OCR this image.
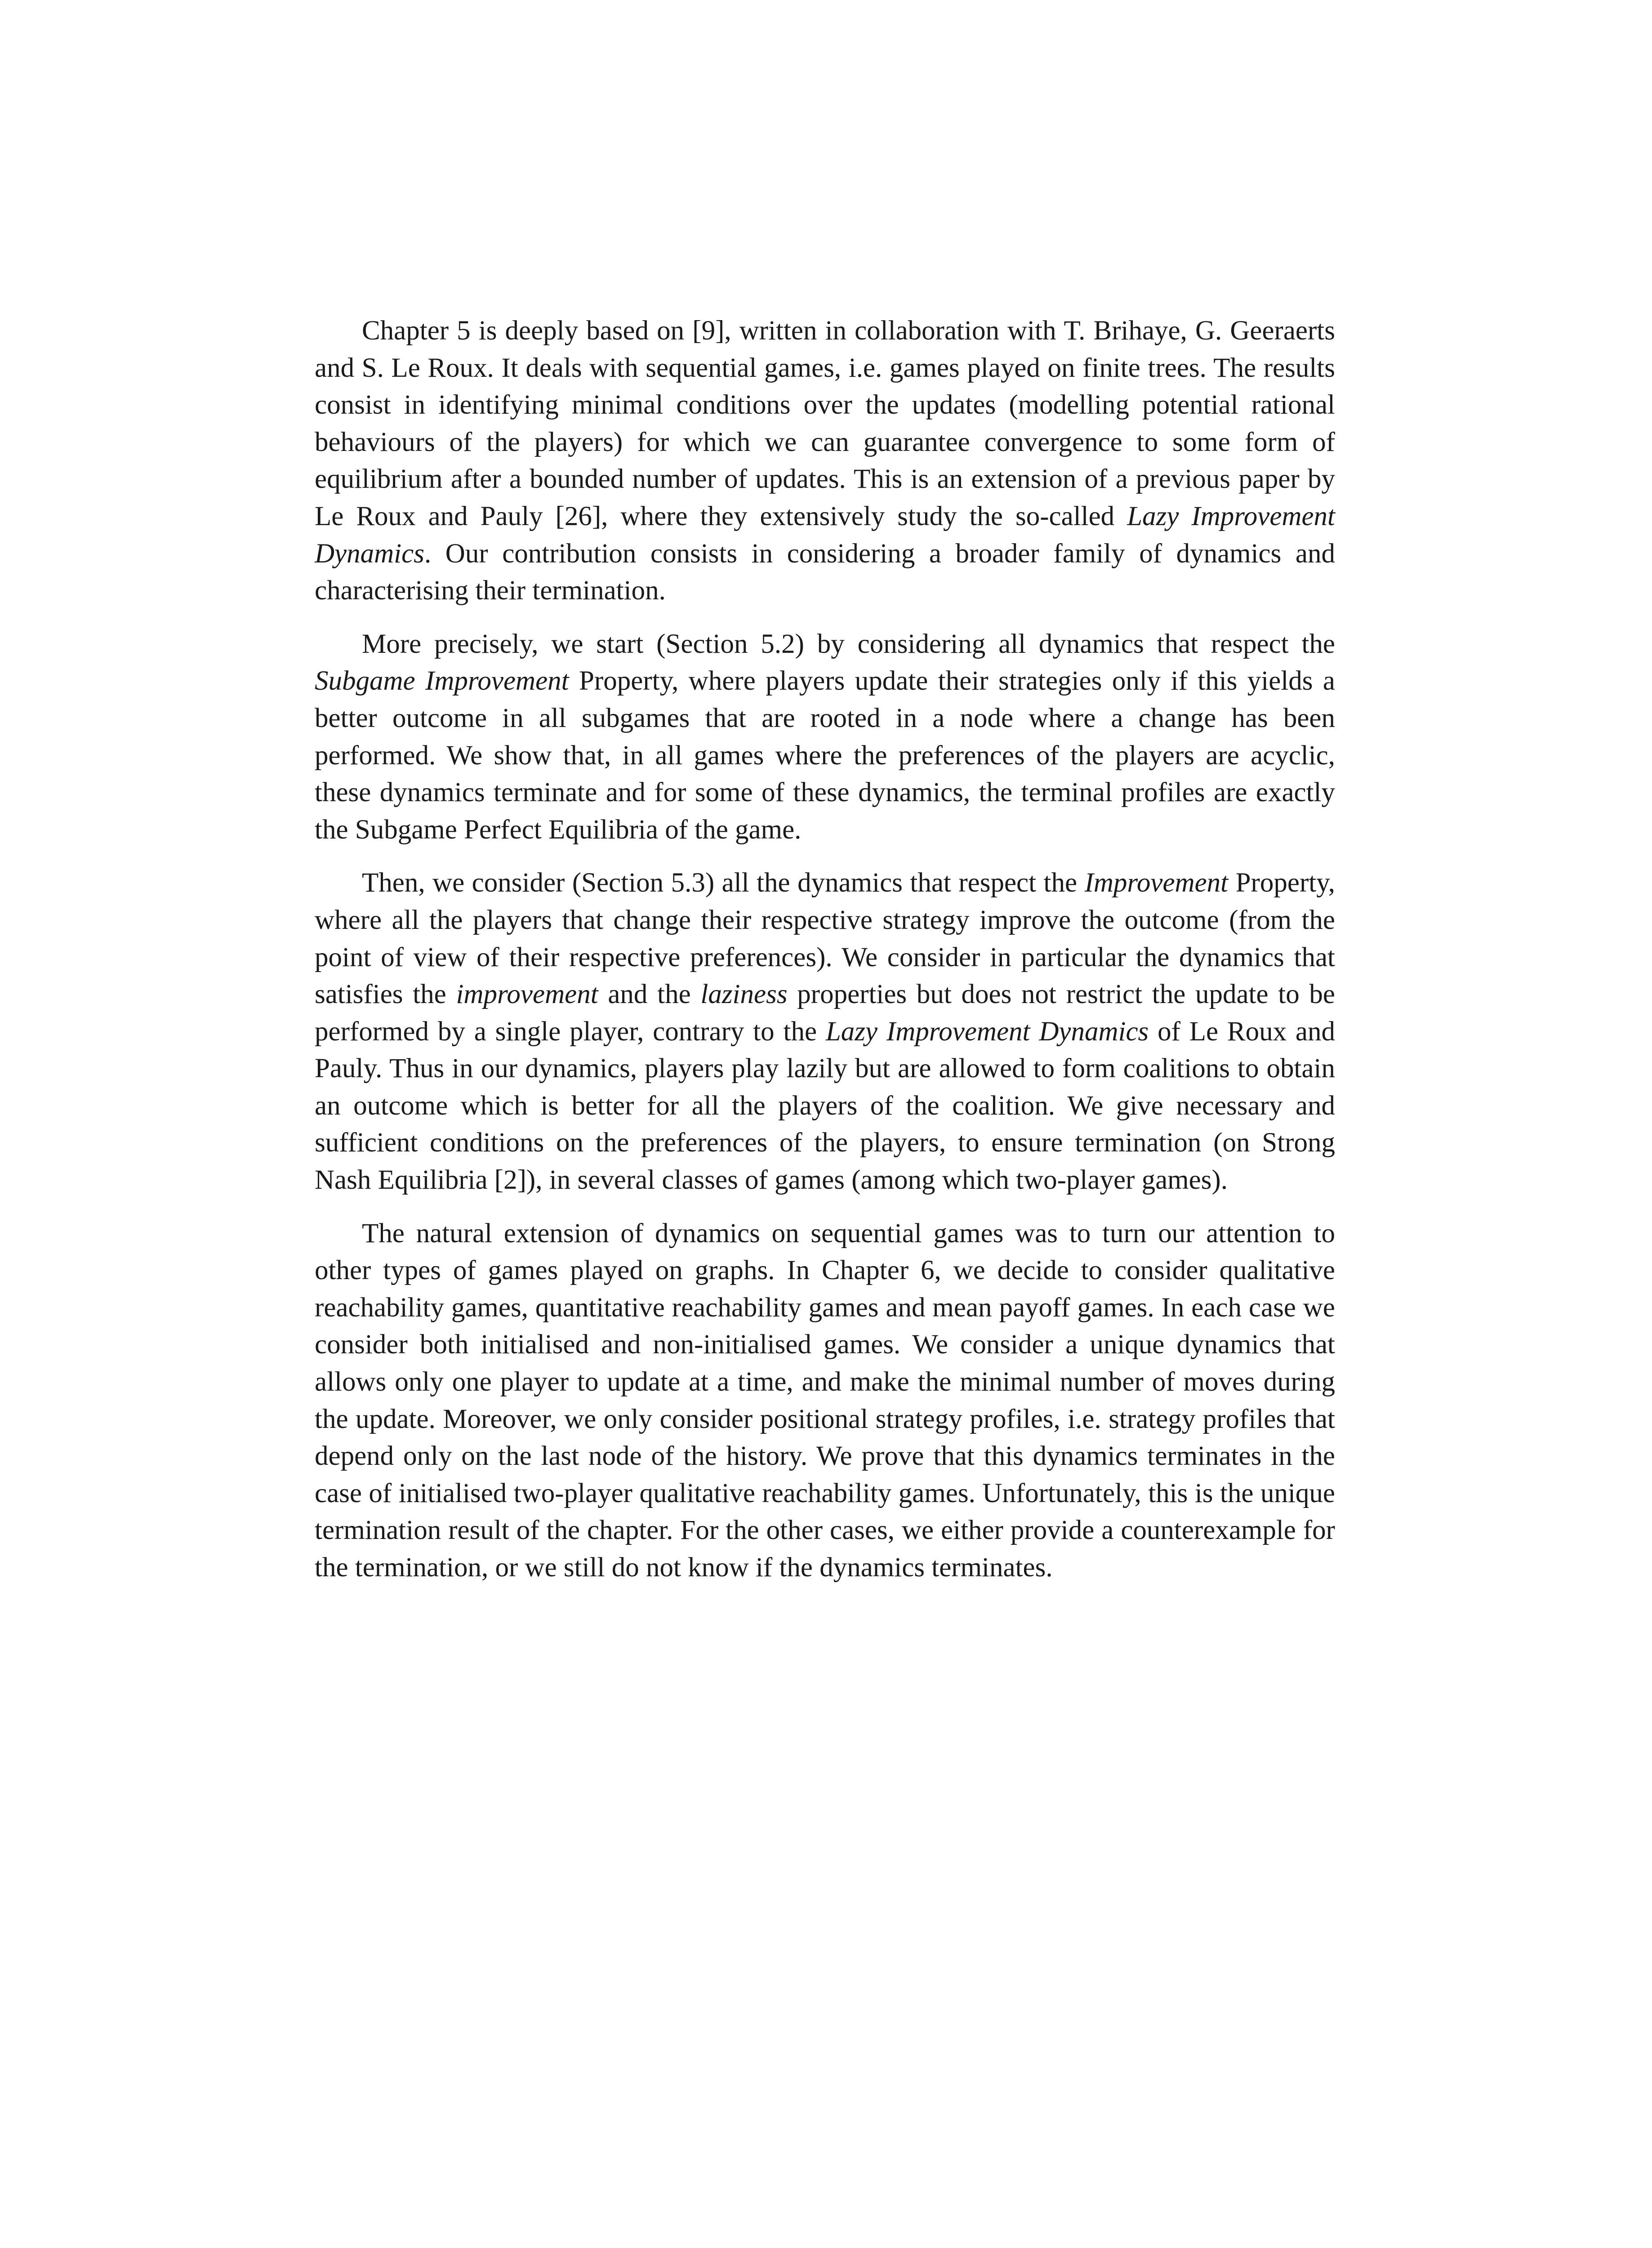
Chapter 5 is deeply based on [9], written in collaboration with T. Brihaye, G. Geeraerts and S. Le Roux. It deals with sequential games, i.e. games played on finite trees. The results consist in identifying minimal conditions over the updates (modelling potential rational behaviours of the players) for which we can guarantee convergence to some form of equilibrium after a bounded number of updates. This is an extension of a previous paper by Le Roux and Pauly [26], where they extensively study the so-called Lazy Improvement Dynamics. Our contribution consists in considering a broader family of dynamics and characterising their termination.

More precisely, we start (Section 5.2) by considering all dynamics that respect the Subgame Improvement Property, where players update their strategies only if this yields a better outcome in all subgames that are rooted in a node where a change has been performed. We show that, in all games where the preferences of the players are acyclic, these dynamics terminate and for some of these dynamics, the terminal profiles are exactly the Subgame Perfect Equilibria of the game.

Then, we consider (Section 5.3) all the dynamics that respect the Improvement Property, where all the players that change their respective strategy improve the outcome (from the point of view of their respective preferences). We consider in particular the dynamics that satisfies the improvement and the laziness properties but does not restrict the update to be performed by a single player, contrary to the Lazy Improvement Dynamics of Le Roux and Pauly. Thus in our dynamics, players play lazily but are allowed to form coalitions to obtain an outcome which is better for all the players of the coalition. We give necessary and sufficient conditions on the preferences of the players, to ensure termination (on Strong Nash Equilibria [2]), in several classes of games (among which two-player games).

The natural extension of dynamics on sequential games was to turn our attention to other types of games played on graphs. In Chapter 6, we decide to consider qualitative reachability games, quantitative reachability games and mean payoff games. In each case we consider both initialised and non-initialised games. We consider a unique dynamics that allows only one player to update at a time, and make the minimal number of moves during the update. Moreover, we only consider positional strategy profiles, i.e. strategy profiles that depend only on the last node of the history. We prove that this dynamics terminates in the case of initialised two-player qualitative reachability games. Unfortunately, this is the unique termination result of the chapter. For the other cases, we either provide a counterexample for the termination, or we still do not know if the dynamics terminates.
